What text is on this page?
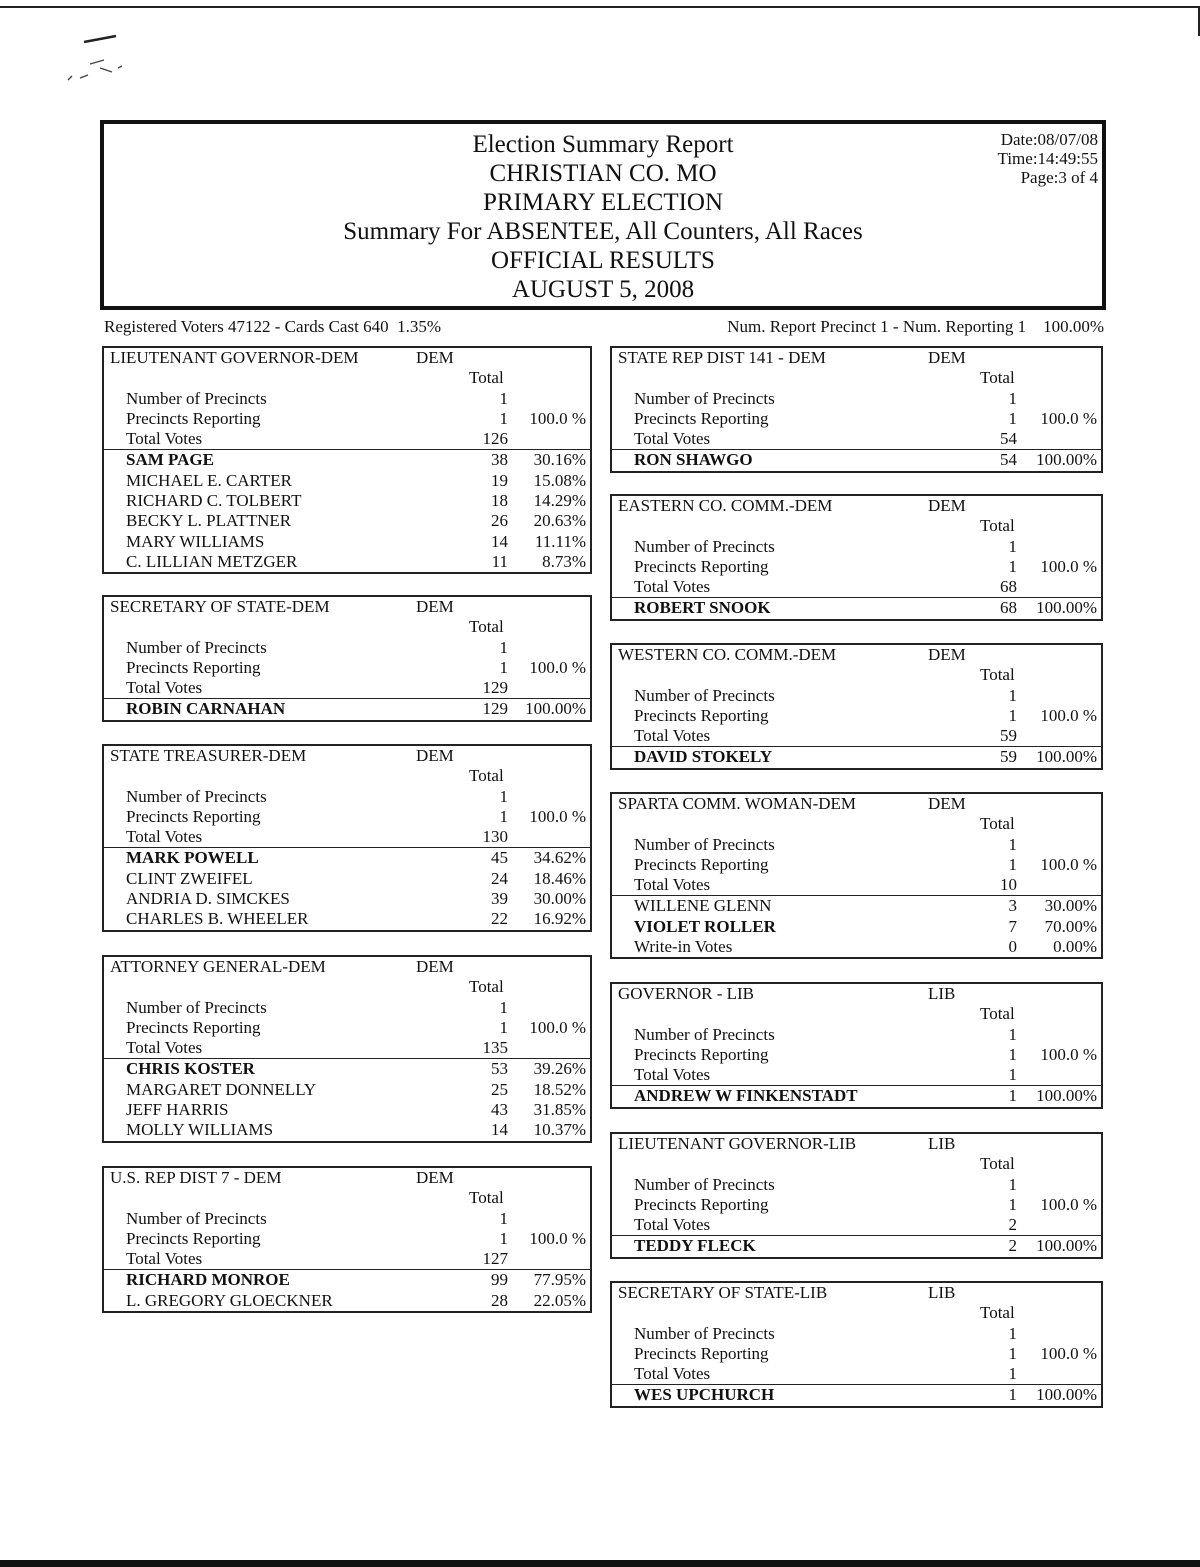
Election Summary Report
CHRISTIAN CO. MO
PRIMARY ELECTION
Summary For ABSENTEE, All Counters, All Races
OFFICIAL RESULTS
AUGUST 5, 2008
Date:08/07/08
Time:14:49:55
Page:3 of 4
Registered Voters 47122 - Cards Cast 640  1.35%	Num. Report Precinct 1 - Num. Reporting 1    100.00%
LIEUTENANT GOVERNOR-DEM	DEM
Total
Number of Precincts	1
Precincts Reporting	1 100.0 %
Total Votes	126
SAM PAGE	38 30.16%
MICHAEL E. CARTER	19 15.08%
RICHARD C. TOLBERT	18 14.29%
BECKY L. PLATTNER	26 20.63%
MARY WILLIAMS	14 11.11%
C. LILLIAN METZGER	11 8.73%
SECRETARY OF STATE-DEM	DEM
Total
Number of Precincts	1
Precincts Reporting	1 100.0 %
Total Votes	129
ROBIN CARNAHAN	129 100.00%
STATE TREASURER-DEM	DEM
Total
Number of Precincts	1
Precincts Reporting	1 100.0 %
Total Votes	130
MARK POWELL	45 34.62%
CLINT ZWEIFEL	24 18.46%
ANDRIA D. SIMCKES	39 30.00%
CHARLES B. WHEELER	22 16.92%
ATTORNEY GENERAL-DEM	DEM
Total
Number of Precincts	1
Precincts Reporting	1 100.0 %
Total Votes	135
CHRIS KOSTER	53 39.26%
MARGARET DONNELLY	25 18.52%
JEFF HARRIS	43 31.85%
MOLLY WILLIAMS	14 10.37%
U.S. REP DIST 7 - DEM	DEM
Total
Number of Precincts	1
Precincts Reporting	1 100.0 %
Total Votes	127
RICHARD MONROE	99 77.95%
L. GREGORY GLOECKNER	28 22.05%
STATE REP DIST 141 - DEM	DEM
Total
Number of Precincts	1
Precincts Reporting	1 100.0 %
Total Votes	54
RON SHAWGO	54 100.00%
EASTERN CO. COMM.-DEM	DEM
Total
Number of Precincts	1
Precincts Reporting	1 100.0 %
Total Votes	68
ROBERT SNOOK	68 100.00%
WESTERN CO. COMM.-DEM	DEM
Total
Number of Precincts	1
Precincts Reporting	1 100.0 %
Total Votes	59
DAVID STOKELY	59 100.00%
SPARTA COMM. WOMAN-DEM	DEM
Total
Number of Precincts	1
Precincts Reporting	1 100.0 %
Total Votes	10
WILLENE GLENN	3 30.00%
VIOLET ROLLER	7 70.00%
Write-in Votes	0 0.00%
GOVERNOR - LIB	LIB
Total
Number of Precincts	1
Precincts Reporting	1 100.0 %
Total Votes	1
ANDREW W FINKENSTADT	1 100.00%
LIEUTENANT GOVERNOR-LIB	LIB
Total
Number of Precincts	1
Precincts Reporting	1 100.0 %
Total Votes	2
TEDDY FLECK	2 100.00%
SECRETARY OF STATE-LIB	LIB
Total
Number of Precincts	1
Precincts Reporting	1 100.0 %
Total Votes	1
WES UPCHURCH	1 100.00%
